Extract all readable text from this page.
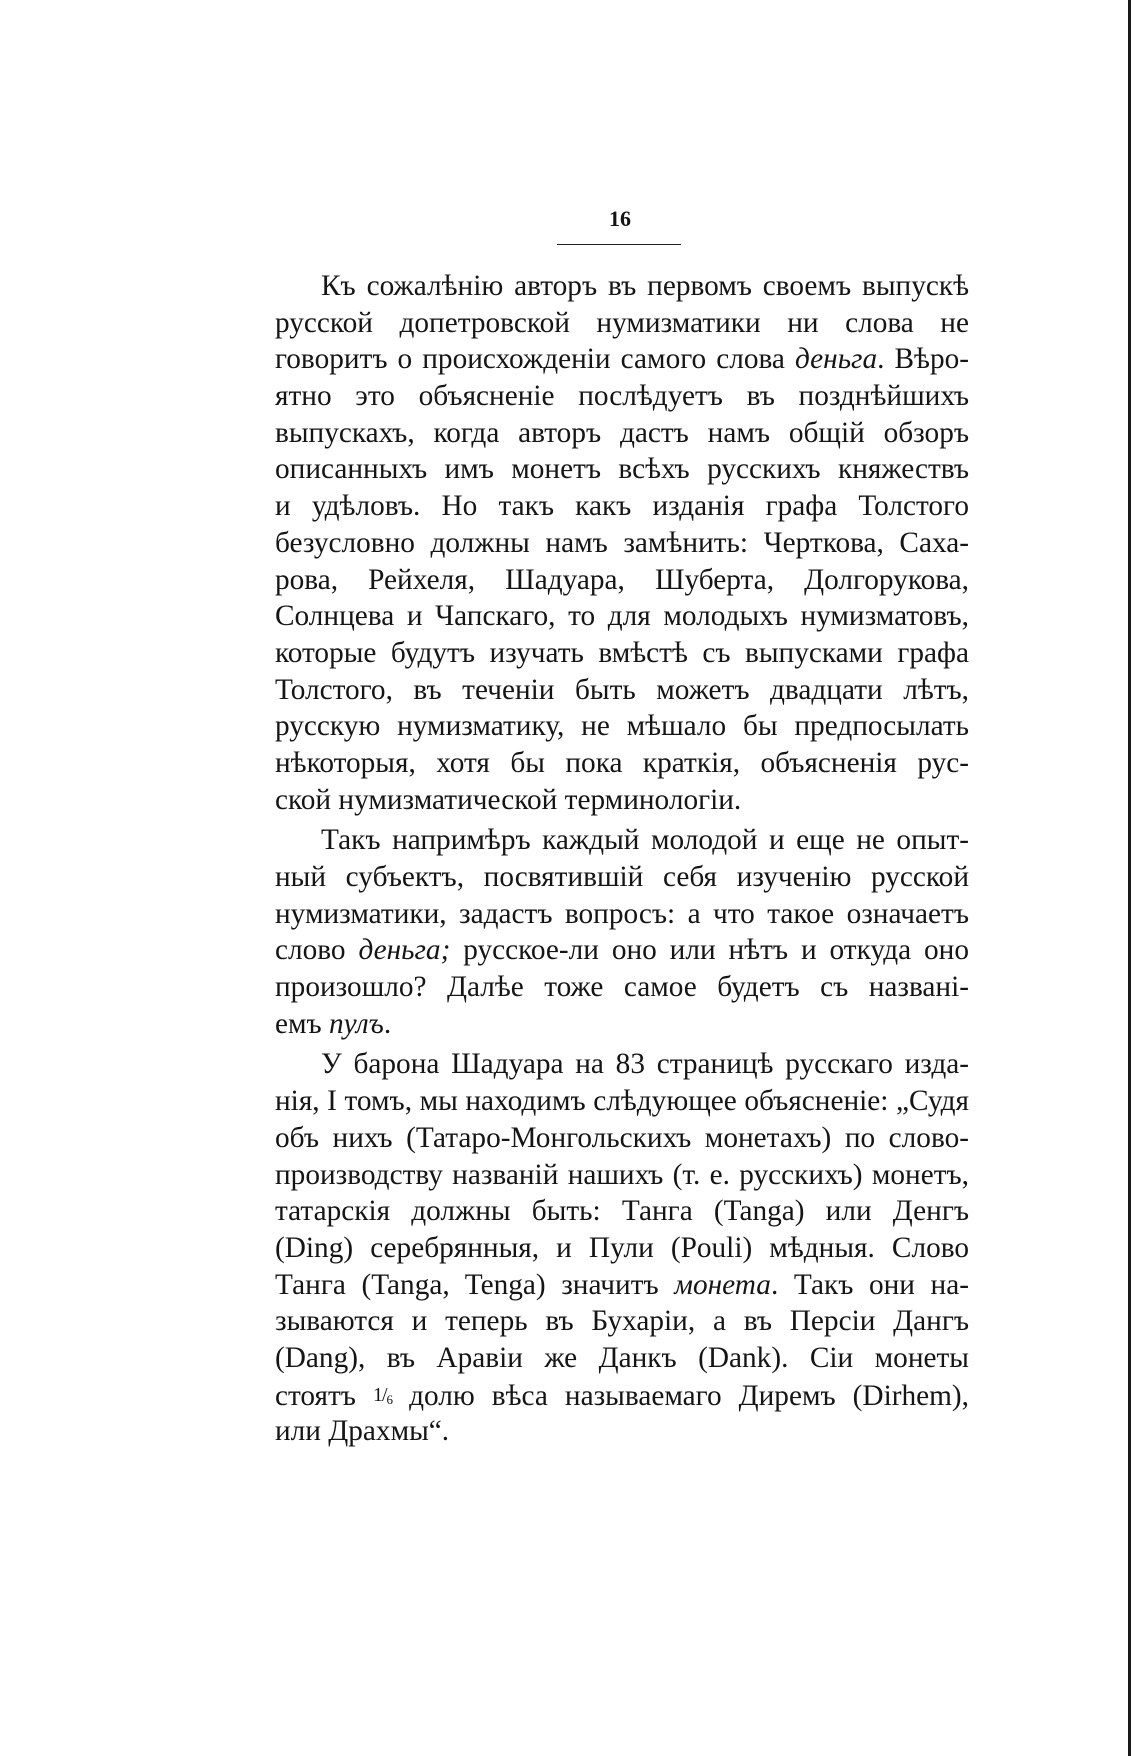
16
Къ сожалѣнію авторъ въ первомъ своемъ выпускѣ
русской допетровской нумизматики ни слова не
говоритъ о происхожденіи самого слова деньга. Вѣро-
ятно это объясненіе послѣдуетъ въ позднѣйшихъ
выпускахъ, когда авторъ дастъ намъ общій обзоръ
описанныхъ имъ монетъ всѣхъ русскихъ княжествъ
и удѣловъ. Но такъ какъ изданія графа Толстого
безусловно должны намъ замѣнить: Черткова, Саха-
рова, Рейхеля, Шадуара, Шуберта, Долгорукова,
Солнцева и Чапскаго, то для молодыхъ нумизматовъ,
которые будутъ изучать вмѣстѣ съ выпусками графа
Толстого, въ теченіи быть можетъ двадцати лѣтъ,
русскую нумизматику, не мѣшало бы предпосылать
нѣкоторыя, хотя бы пока краткія, объясненія рус-
ской нумизматической терминологіи.
Такъ напримѣръ каждый молодой и еще не опыт-
ный субъектъ, посвятившій себя изученію русской
нумизматики, задастъ вопросъ: а что такое означаетъ
слово деньга; русское-ли оно или нѣтъ и откуда оно
произошло? Далѣе тоже самое будетъ съ названі-
емъ пулъ.
У барона Шадуара на 83 страницѣ русскаго изда-
нія, I томъ, мы находимъ слѣдующее объясненіе: „Судя
объ нихъ (Татаро-Монгольскихъ монетахъ) по слово-
производству названій нашихъ (т. е. русскихъ) монетъ,
татарскія должны быть: Танга (Tanga) или Денгъ
(Ding) серебрянныя, и Пули (Pouli) мѣдныя. Слово
Танга (Tanga, Tenga) значитъ монета. Такъ они на-
зываются и теперь въ Бухаріи, а въ Персіи Дангъ
(Dang), въ Аравіи же Данкъ (Dank). Сіи монеты
стоятъ $1/_6$ долю вѣса называемаго Диремъ (Dirhem),
или Драхмы“.
